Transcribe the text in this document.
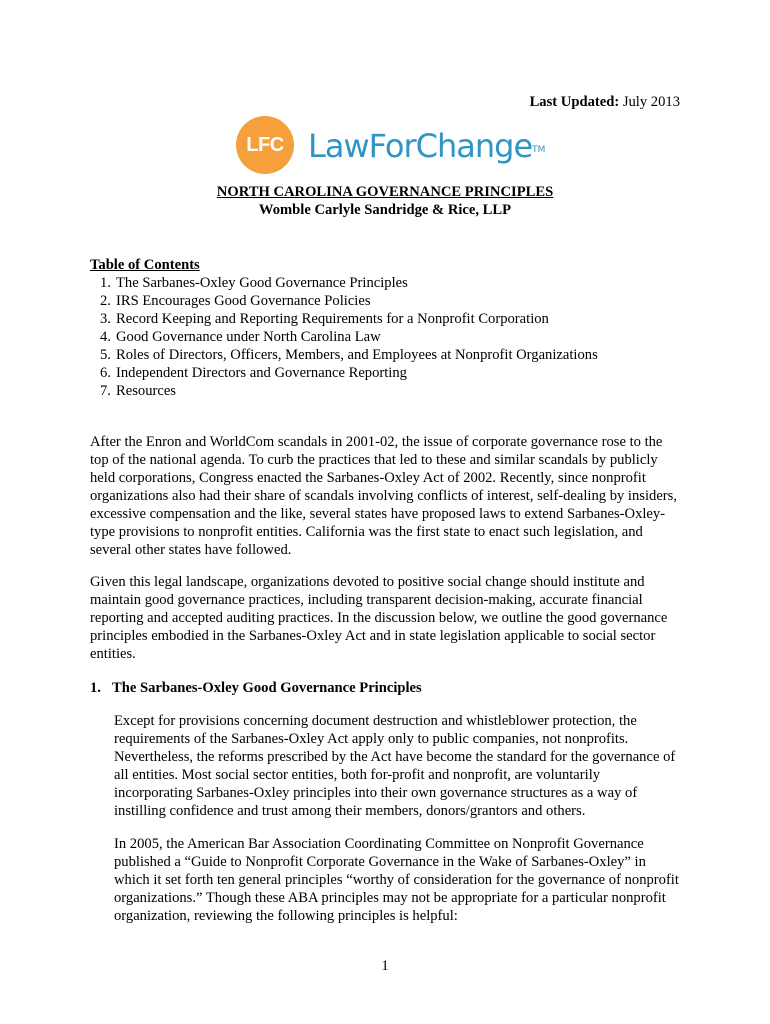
Last Updated: July 2013
LFC LawForChange™
NORTH CAROLINA GOVERNANCE PRINCIPLES
Womble Carlyle Sandridge & Rice, LLP
Table of Contents
1. The Sarbanes-Oxley Good Governance Principles
2. IRS Encourages Good Governance Policies
3. Record Keeping and Reporting Requirements for a Nonprofit Corporation
4. Good Governance under North Carolina Law
5. Roles of Directors, Officers, Members, and Employees at Nonprofit Organizations
6. Independent Directors and Governance Reporting
7. Resources

After the Enron and WorldCom scandals in 2001-02, the issue of corporate governance rose to the top of the national agenda. To curb the practices that led to these and similar scandals by publicly held corporations, Congress enacted the Sarbanes-Oxley Act of 2002. Recently, since nonprofit organizations also had their share of scandals involving conflicts of interest, self-dealing by insiders, excessive compensation and the like, several states have proposed laws to extend Sarbanes-Oxley-type provisions to nonprofit entities. California was the first state to enact such legislation, and several other states have followed.

Given this legal landscape, organizations devoted to positive social change should institute and maintain good governance practices, including transparent decision-making, accurate financial reporting and accepted auditing practices. In the discussion below, we outline the good governance principles embodied in the Sarbanes-Oxley Act and in state legislation applicable to social sector entities.

1. The Sarbanes-Oxley Good Governance Principles

Except for provisions concerning document destruction and whistleblower protection, the requirements of the Sarbanes-Oxley Act apply only to public companies, not nonprofits. Nevertheless, the reforms prescribed by the Act have become the standard for the governance of all entities. Most social sector entities, both for-profit and nonprofit, are voluntarily incorporating Sarbanes-Oxley principles into their own governance structures as a way of instilling confidence and trust among their members, donors/grantors and others.

In 2005, the American Bar Association Coordinating Committee on Nonprofit Governance published a “Guide to Nonprofit Corporate Governance in the Wake of Sarbanes-Oxley” in which it set forth ten general principles “worthy of consideration for the governance of nonprofit organizations.” Though these ABA principles may not be appropriate for a particular nonprofit organization, reviewing the following principles is helpful:

1
